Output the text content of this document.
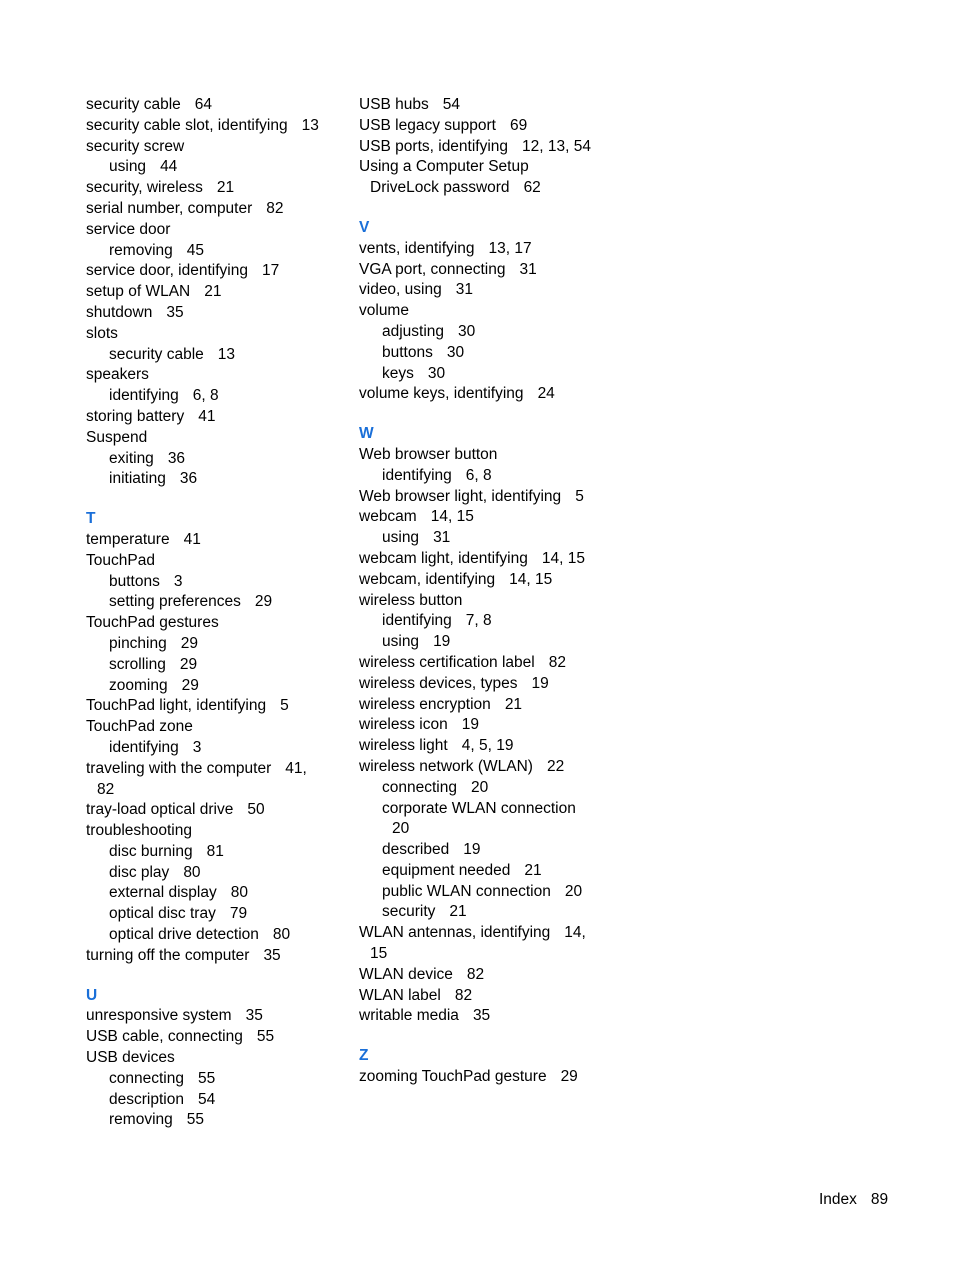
security cable 64
security cable slot, identifying 13
security screw
using 44
security, wireless 21
serial number, computer 82
service door
removing 45
service door, identifying 17
setup of WLAN 21
shutdown 35
slots
security cable 13
speakers
identifying 6, 8
storing battery 41
Suspend
exiting 36
initiating 36
T
temperature 41
TouchPad
buttons 3
setting preferences 29
TouchPad gestures
pinching 29
scrolling 29
zooming 29
TouchPad light, identifying 5
TouchPad zone
identifying 3
traveling with the computer 41,
82
tray-load optical drive 50
troubleshooting
disc burning 81
disc play 80
external display 80
optical disc tray 79
optical drive detection 80
turning off the computer 35
U
unresponsive system 35
USB cable, connecting 55
USB devices
connecting 55
description 54
removing 55
USB hubs 54
USB legacy support 69
USB ports, identifying 12, 13, 54
Using a Computer Setup
DriveLock password 62
V
vents, identifying 13, 17
VGA port, connecting 31
video, using 31
volume
adjusting 30
buttons 30
keys 30
volume keys, identifying 24
W
Web browser button
identifying 6, 8
Web browser light, identifying 5
webcam 14, 15
using 31
webcam light, identifying 14, 15
webcam, identifying 14, 15
wireless button
identifying 7, 8
using 19
wireless certification label 82
wireless devices, types 19
wireless encryption 21
wireless icon 19
wireless light 4, 5, 19
wireless network (WLAN) 22
connecting 20
corporate WLAN connection
20
described 19
equipment needed 21
public WLAN connection 20
security 21
WLAN antennas, identifying 14,
15
WLAN device 82
WLAN label 82
writable media 35
Z
zooming TouchPad gesture 29
Index 89
